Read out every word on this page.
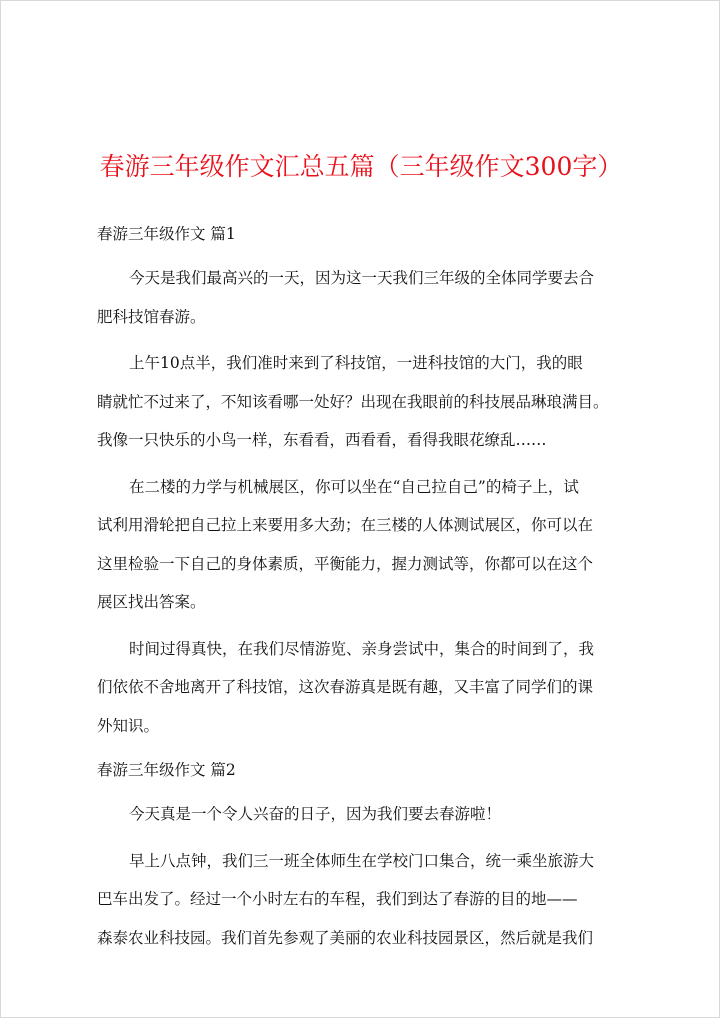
春游三年级作文汇总五篇（三年级作文300字）
春游三年级作文 篇1
今天是我们最高兴的一天，因为这一天我们三年级的全体同学要去合
肥科技馆春游。
上午10点半，我们准时来到了科技馆，一进科技馆的大门，我的眼
睛就忙不过来了，不知该看哪一处好？出现在我眼前的科技展品琳琅满目。
我像一只快乐的小鸟一样，东看看，西看看，看得我眼花缭乱……
在二楼的力学与机械展区，你可以坐在“自己拉自己”的椅子上，试
试利用滑轮把自己拉上来要用多大劲；在三楼的人体测试展区，你可以在
这里检验一下自己的身体素质，平衡能力，握力测试等，你都可以在这个
展区找出答案。
时间过得真快，在我们尽情游览、亲身尝试中，集合的时间到了，我
们依依不舍地离开了科技馆，这次春游真是既有趣，又丰富了同学们的课
外知识。
春游三年级作文 篇2
今天真是一个令人兴奋的日子，因为我们要去春游啦！
早上八点钟，我们三一班全体师生在学校门口集合，统一乘坐旅游大
巴车出发了。经过一个小时左右的车程，我们到达了春游的目的地——
森泰农业科技园。我们首先参观了美丽的农业科技园景区，然后就是我们
